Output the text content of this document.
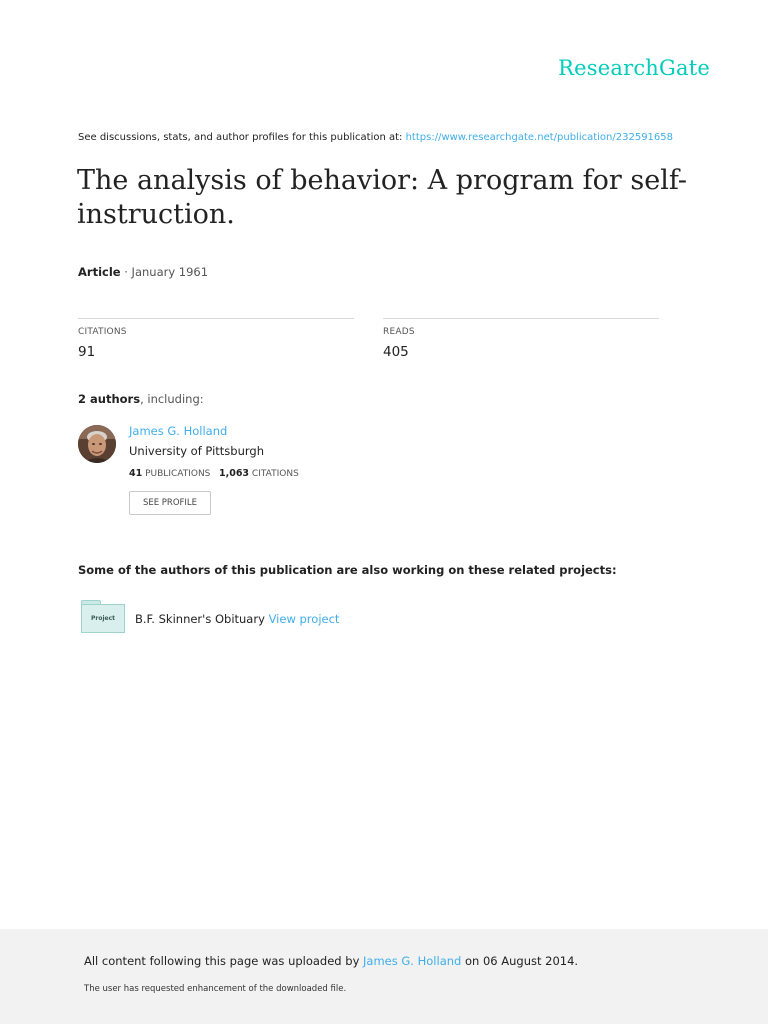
ResearchGate
See discussions, stats, and author profiles for this publication at: https://www.researchgate.net/publication/232591658
The analysis of behavior: A program for self-instruction.
Article · January 1961
CITATIONS
91
READS
405
2 authors, including:
James G. Holland
University of Pittsburgh
41 PUBLICATIONS 1,063 CITATIONS
SEE PROFILE
Some of the authors of this publication are also working on these related projects:
Project B.F. Skinner's Obituary View project
All content following this page was uploaded by James G. Holland on 06 August 2014.
The user has requested enhancement of the downloaded file.
